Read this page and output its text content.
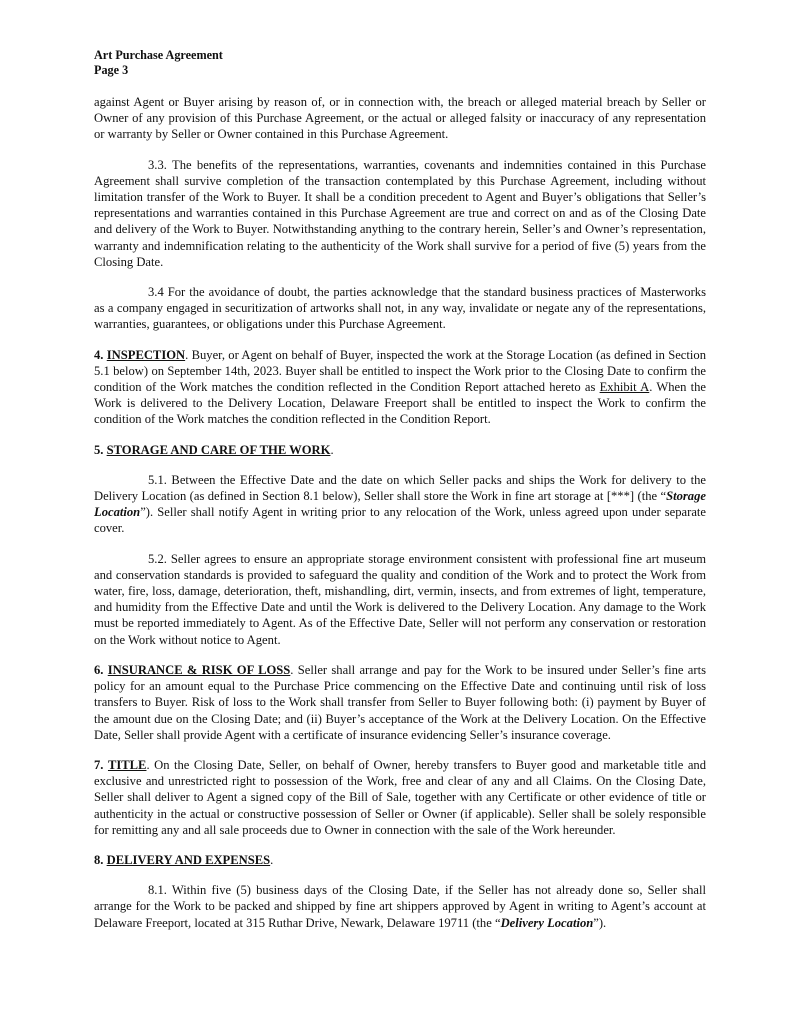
Art Purchase Agreement
Page 3

against Agent or Buyer arising by reason of, or in connection with, the breach or alleged material breach by Seller or Owner of any provision of this Purchase Agreement, or the actual or alleged falsity or inaccuracy of any representation or warranty by Seller or Owner contained in this Purchase Agreement.

3.3. The benefits of the representations, warranties, covenants and indemnities contained in this Purchase Agreement shall survive completion of the transaction contemplated by this Purchase Agreement, including without limitation transfer of the Work to Buyer. It shall be a condition precedent to Agent and Buyer’s obligations that Seller’s representations and warranties contained in this Purchase Agreement are true and correct on and as of the Closing Date and delivery of the Work to Buyer. Notwithstanding anything to the contrary herein, Seller’s and Owner’s representation, warranty and indemnification relating to the authenticity of the Work shall survive for a period of five (5) years from the Closing Date.

3.4 For the avoidance of doubt, the parties acknowledge that the standard business practices of Masterworks as a company engaged in securitization of artworks shall not, in any way, invalidate or negate any of the representations, warranties, guarantees, or obligations under this Purchase Agreement.

4. INSPECTION. Buyer, or Agent on behalf of Buyer, inspected the work at the Storage Location (as defined in Section 5.1 below) on September 14th, 2023. Buyer shall be entitled to inspect the Work prior to the Closing Date to confirm the condition of the Work matches the condition reflected in the Condition Report attached hereto as Exhibit A. When the Work is delivered to the Delivery Location, Delaware Freeport shall be entitled to inspect the Work to confirm the condition of the Work matches the condition reflected in the Condition Report.

5. STORAGE AND CARE OF THE WORK.

5.1. Between the Effective Date and the date on which Seller packs and ships the Work for delivery to the Delivery Location (as defined in Section 8.1 below), Seller shall store the Work in fine art storage at [***] (the “Storage Location”). Seller shall notify Agent in writing prior to any relocation of the Work, unless agreed upon under separate cover.

5.2. Seller agrees to ensure an appropriate storage environment consistent with professional fine art museum and conservation standards is provided to safeguard the quality and condition of the Work and to protect the Work from water, fire, loss, damage, deterioration, theft, mishandling, dirt, vermin, insects, and from extremes of light, temperature, and humidity from the Effective Date and until the Work is delivered to the Delivery Location. Any damage to the Work must be reported immediately to Agent. As of the Effective Date, Seller will not perform any conservation or restoration on the Work without notice to Agent.

6. INSURANCE & RISK OF LOSS. Seller shall arrange and pay for the Work to be insured under Seller’s fine arts policy for an amount equal to the Purchase Price commencing on the Effective Date and continuing until risk of loss transfers to Buyer. Risk of loss to the Work shall transfer from Seller to Buyer following both: (i) payment by Buyer of the amount due on the Closing Date; and (ii) Buyer’s acceptance of the Work at the Delivery Location. On the Effective Date, Seller shall provide Agent with a certificate of insurance evidencing Seller’s insurance coverage.

7. TITLE. On the Closing Date, Seller, on behalf of Owner, hereby transfers to Buyer good and marketable title and exclusive and unrestricted right to possession of the Work, free and clear of any and all Claims. On the Closing Date, Seller shall deliver to Agent a signed copy of the Bill of Sale, together with any Certificate or other evidence of title or authenticity in the actual or constructive possession of Seller or Owner (if applicable). Seller shall be solely responsible for remitting any and all sale proceeds due to Owner in connection with the sale of the Work hereunder.

8. DELIVERY AND EXPENSES.

8.1. Within five (5) business days of the Closing Date, if the Seller has not already done so, Seller shall arrange for the Work to be packed and shipped by fine art shippers approved by Agent in writing to Agent’s account at Delaware Freeport, located at 315 Ruthar Drive, Newark, Delaware 19711 (the “Delivery Location”).
